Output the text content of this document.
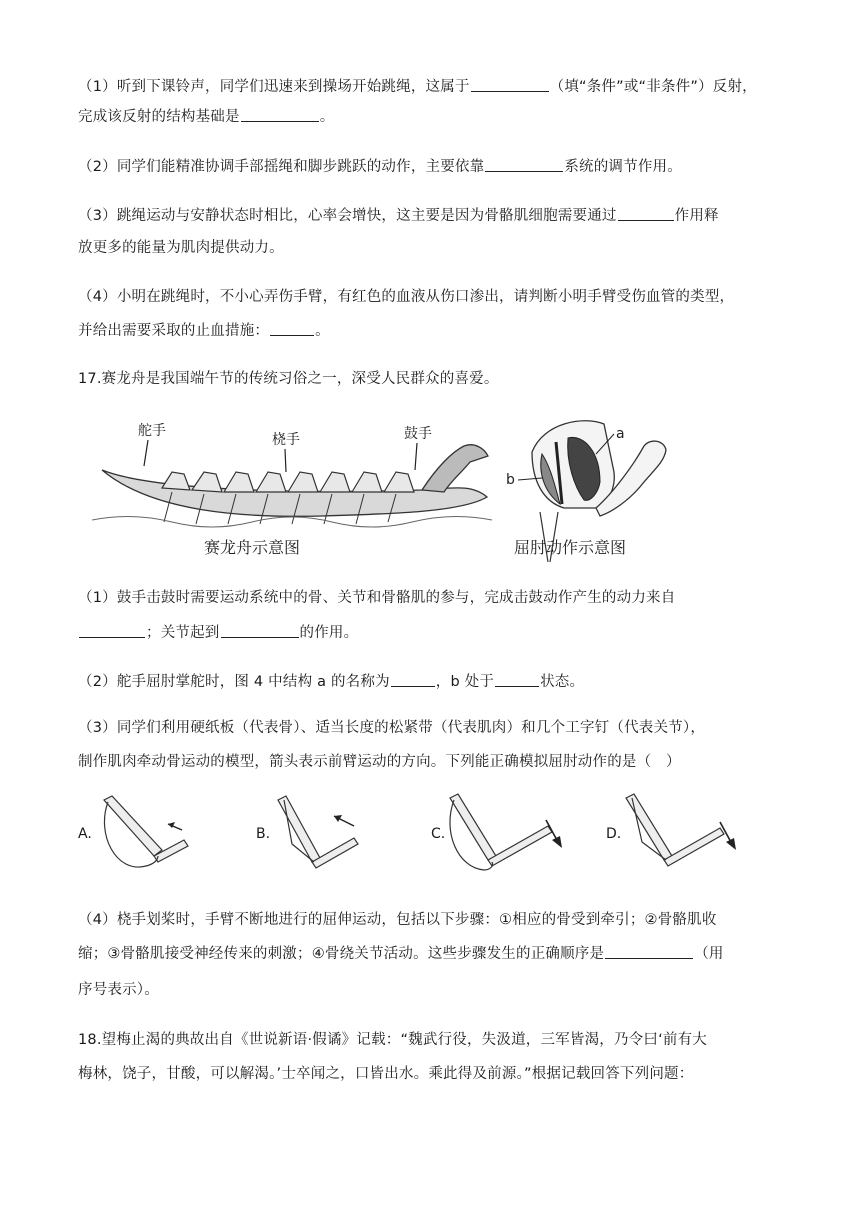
（1）听到下课铃声，同学们迅速来到操场开始跳绳，这属于	（填“条件”或“非条件”）反射，
完成该反射的结构基础是	。
（2）同学们能精准协调手部摇绳和脚步跳跃的动作，主要依靠	系统的调节作用。
（3）跳绳运动与安静状态时相比，心率会增快，这主要是因为骨骼肌细胞需要通过	作用释
放更多的能量为肌肉提供动力。
（4）小明在跳绳时，不小心弄伤手臂，有红色的血液从伤口渗出，请判断小明手臂受伤血管的类型，
并给出需要采取的止血措施：	。
17.赛龙舟是我国端午节的传统习俗之一，深受人民群众的喜爱。
舵手
桡手	鼓手
赛龙舟示意图
a
b
屈肘动作示意图
（1）鼓手击鼓时需要运动系统中的骨、关节和骨骼肌的参与，完成击鼓动作产生的动力来自
；关节起到	的作用。
（2）舵手屈肘掌舵时，图 4 中结构 a 的名称为	，b 处于	状态。
（3）同学们利用硬纸板（代表骨）、适当长度的松紧带（代表肌肉）和几个工字钉（代表关节），
制作肌肉牵动骨运动的模型，箭头表示前臂运动的方向。下列能正确模拟屈肘动作的是（　）
A.	B.	C.	D.
（4）桡手划桨时，手臂不断地进行的屈伸运动，包括以下步骤：①相应的骨受到牵引；②骨骼肌收
缩；③骨骼肌接受神经传来的刺激；④骨绕关节活动。这些步骤发生的正确顺序是	（用
序号表示）。
18.望梅止渴的典故出自《世说新语·假谲》记载：“魏武行役，失汲道，三军皆渴，乃令曰‘前有大
梅林，饶子，甘酸，可以解渴。’士卒闻之，口皆出水。乘此得及前源。”根据记载回答下列问题：
